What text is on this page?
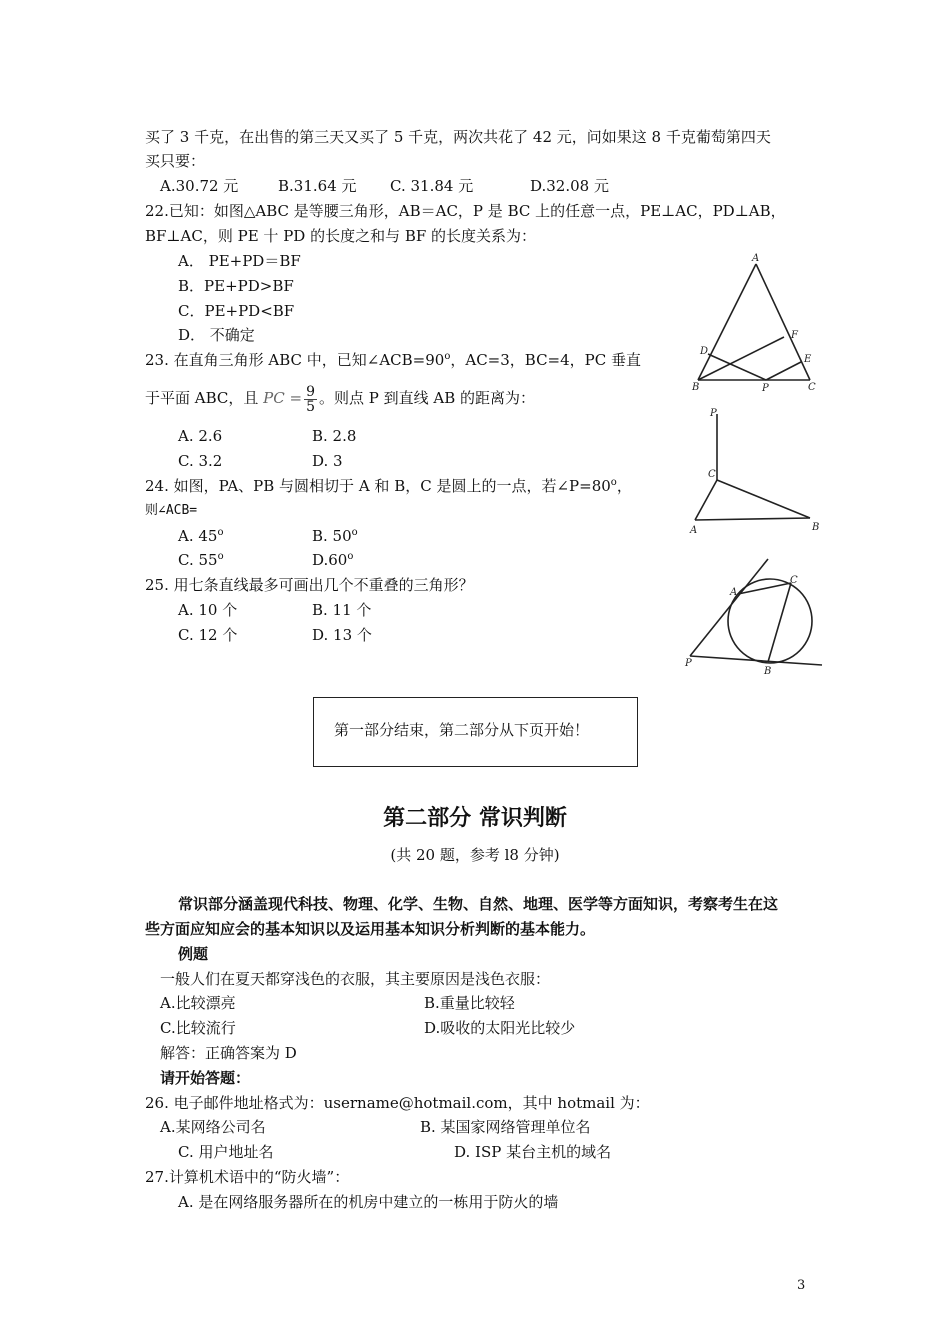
买了 3 千克，在出售的第三天又买了 5 千克，两次共花了 42 元，问如果这 8 千克葡萄第四天
买只要：
A.30.72 元	B.31.64 元 C. 31.84 元	D.32.08 元
22.已知：如图△ABC 是等腰三角形，AB＝AC，P 是 BC 上的任意一点，PE⊥AC，PD⊥AB，
BF⊥AC，则 PE 十 PD 的长度之和与 BF 的长度关系为：
A． PE+PD＝BF
B．PE+PD>BF
C．PE+PD<BF
D． 不确定
23. 在直角三角形 ABC 中，已知$\angle ACB=90^o$，AC=3，BC=4，PC 垂直
于平面 ABC，且 PC = $\frac{9}{5}$ 。则点 P 到直线 AB 的距离为：
A. 2.6	B. 2.8
C. 3.2	D. 3
24. 如图，PA、PB 与圆相切于 A 和 B，C 是圆上的一点，若$\angle P=80^o$，
则∠ACB=
A. 45$^o$	B. 50$^o$
C. 55$^o$	D.60$^o$
25. 用七条直线最多可画出几个不重叠的三角形？
A. 10 个	B. 11 个
C. 12 个	D. 13 个
A
B	C
D
E
F
P
P
C
A	B
A
C
P
B
第一部分结束，第二部分从下页开始！
第二部分 常识判断
(共 20 题，参考 l8 分钟)
常识部分涵盖现代科技、物理、化学、生物、自然、地理、医学等方面知识，考察考生在这
些方面应知应会的基本知识以及运用基本知识分析判断的基本能力。
例题
一般人们在夏天都穿浅色的衣服，其主要原因是浅色衣服：
A.比较漂亮	B.重量比较轻
C.比较流行	D.吸收的太阳光比较少
解答：正确答案为 D
请开始答题：
26. 电子邮件地址格式为：username@hotmail.com，其中 hotmail 为：
A.某网络公司名	B. 某国家网络管理单位名
C. 用户地址名	D. ISP 某台主机的域名
27.计算机术语中的“防火墙”：
A. 是在网络服务器所在的机房中建立的一栋用于防火的墙
3
